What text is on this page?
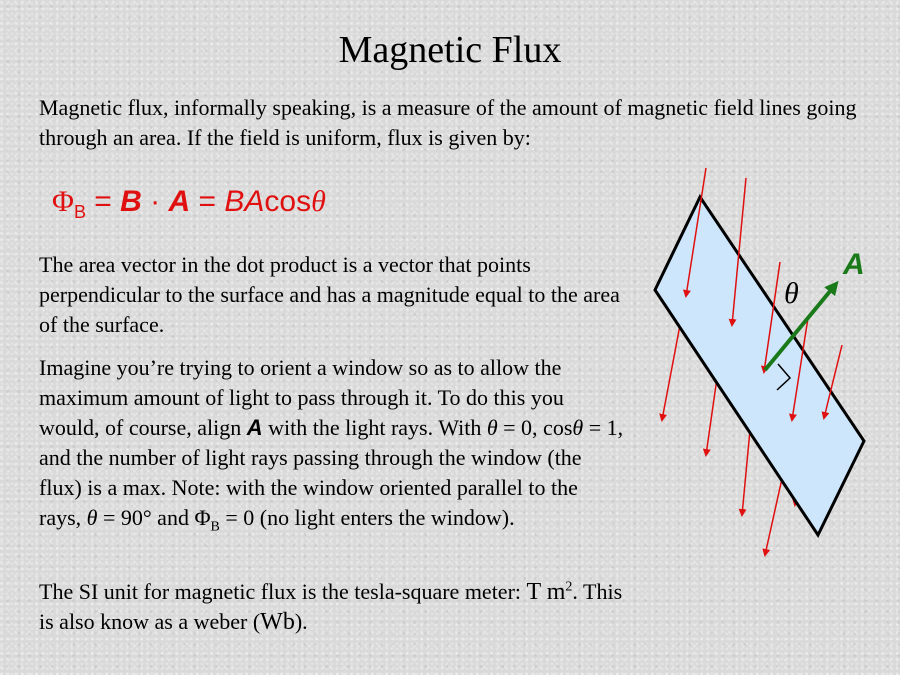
Magnetic Flux
Magnetic flux, informally speaking, is a measure of the amount of magnetic field lines going through an area. If the field is uniform, flux is given by:
$\Phi_B = B \cdot A = BAcos\theta$
The area vector in the dot product is a vector that points perpendicular to the surface and has a magnitude equal to the area of the surface.
Imagine you’re trying to orient a window so as to allow the maximum amount of light to pass through it. To do this you would, of course, align A with the light rays. With θ = 0, cosθ = 1, and the number of light rays passing through the window (the flux) is a max. Note: with the window oriented parallel to the rays, θ = 90° and $\Phi_B = 0$ (no light enters the window).
The SI unit for magnetic flux is the tesla-square meter: T $m^2$. This is also know as a weber (Wb).
A
θ
